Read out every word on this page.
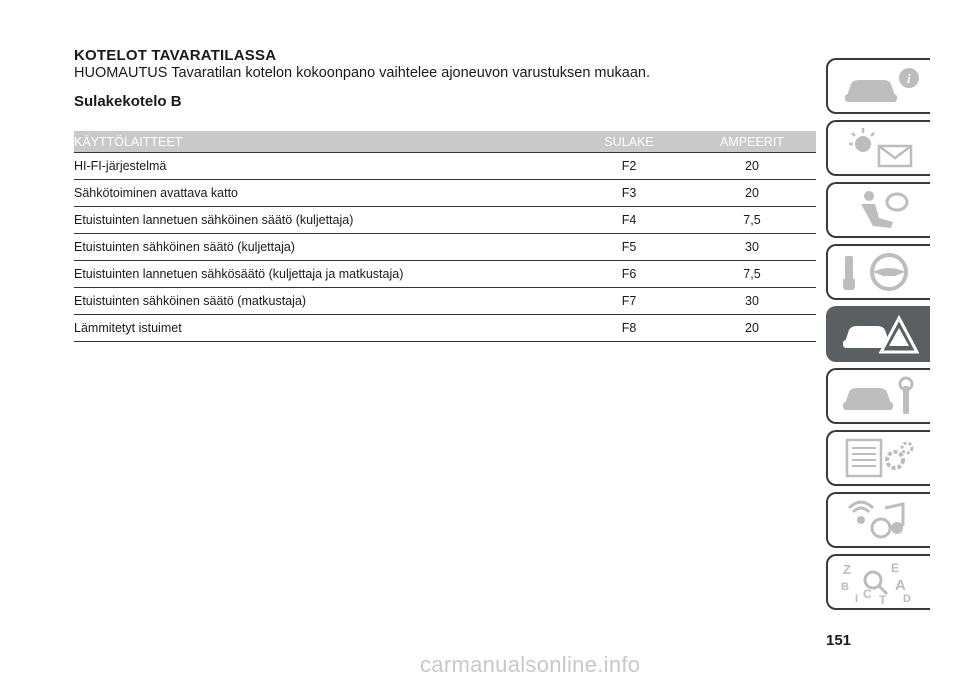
KOTELOT TAVARATILASSA
HUOMAUTUS Tavaratilan kotelon kokoonpano vaihtelee ajoneuvon varustuksen mukaan.
Sulakekotelo B
KÄYTTÖLAITTEET	SULAKE	AMPEERIT
HI-FI-järjestelmä	F2	20
Sähkötoiminen avattava katto	F3	20
Etuistuinten lannetuen sähköinen säätö (kuljettaja)	F4	7,5
Etuistuinten sähköinen säätö (kuljettaja)	F5	30
Etuistuinten lannetuen sähkösäätö (kuljettaja ja matkustaja)	F6	7,5
Etuistuinten sähköinen säätö (matkustaja)	F7	30
Lämmitetyt istuimet	F8	20
i
Z	E
B	A
C	D
I T
151
carmanualsonline.info
